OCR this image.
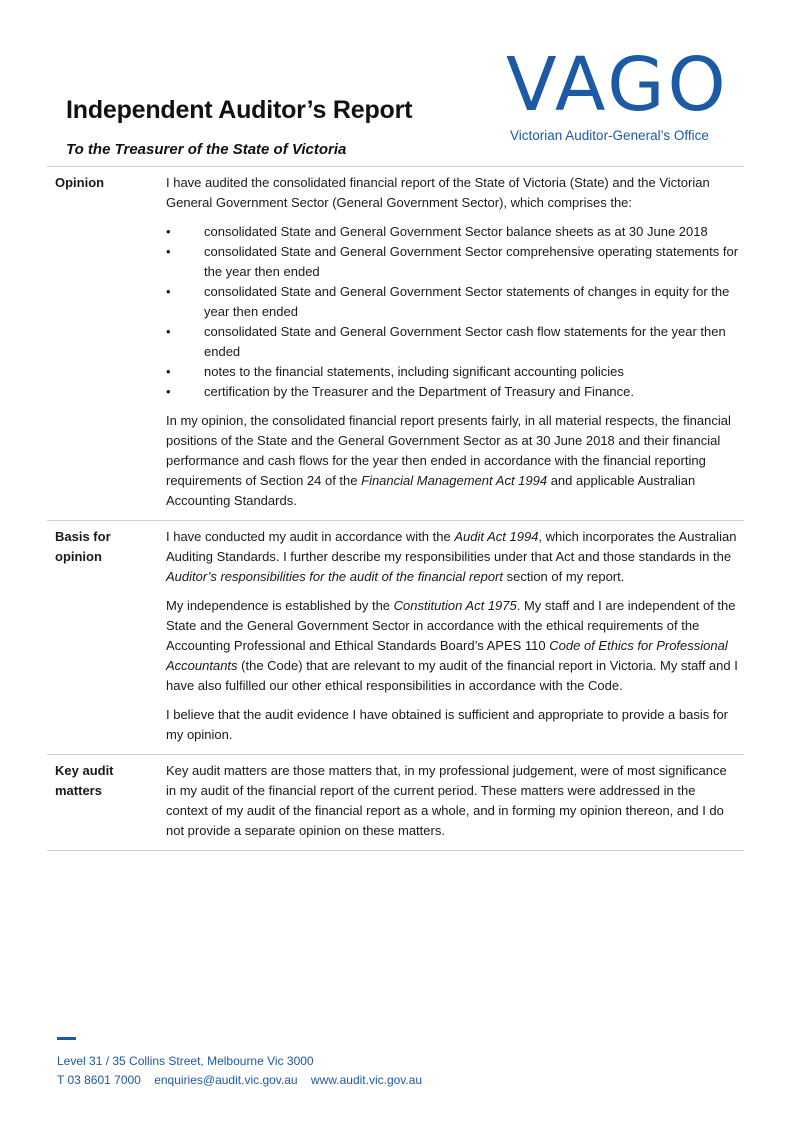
Independent Auditor’s Report
To the Treasurer of the State of Victoria
VAGO
Victorian Auditor-General’s Office
Opinion	I have audited the consolidated financial report of the State of Victoria (State) and the Victorian General Government Sector (General Government Sector), which comprises the:

• consolidated State and General Government Sector balance sheets as at 30 June 2018
• consolidated State and General Government Sector comprehensive operating statements for the year then ended
• consolidated State and General Government Sector statements of changes in equity for the year then ended
• consolidated State and General Government Sector cash flow statements for the year then ended
• notes to the financial statements, including significant accounting policies
• certification by the Treasurer and the Department of Treasury and Finance.

In my opinion, the consolidated financial report presents fairly, in all material respects, the financial positions of the State and the General Government Sector as at 30 June 2018 and their financial performance and cash flows for the year then ended in accordance with the financial reporting requirements of Section 24 of the Financial Management Act 1994 and applicable Australian Accounting Standards.

Basis for
opinion

I have conducted my audit in accordance with the Audit Act 1994, which incorporates the Australian Auditing Standards. I further describe my responsibilities under that Act and those standards in the Auditor’s responsibilities for the audit of the financial report section of my report.

My independence is established by the Constitution Act 1975. My staff and I are independent of the State and the General Government Sector in accordance with the ethical requirements of the Accounting Professional and Ethical Standards Board’s APES 110 Code of Ethics for Professional Accountants (the Code) that are relevant to my audit of the financial report in Victoria. My staff and I have also fulfilled our other ethical responsibilities in accordance with the Code.

I believe that the audit evidence I have obtained is sufficient and appropriate to provide a basis for my opinion.

Key audit
matters

Key audit matters are those matters that, in my professional judgement, were of most significance in my audit of the financial report of the current period. These matters were addressed in the context of my audit of the financial report as a whole, and in forming my opinion thereon, and I do not provide a separate opinion on these matters.

Level 31 / 35 Collins Street, Melbourne Vic 3000
T 03 8601 7000 enquiries@audit.vic.gov.au www.audit.vic.gov.au
